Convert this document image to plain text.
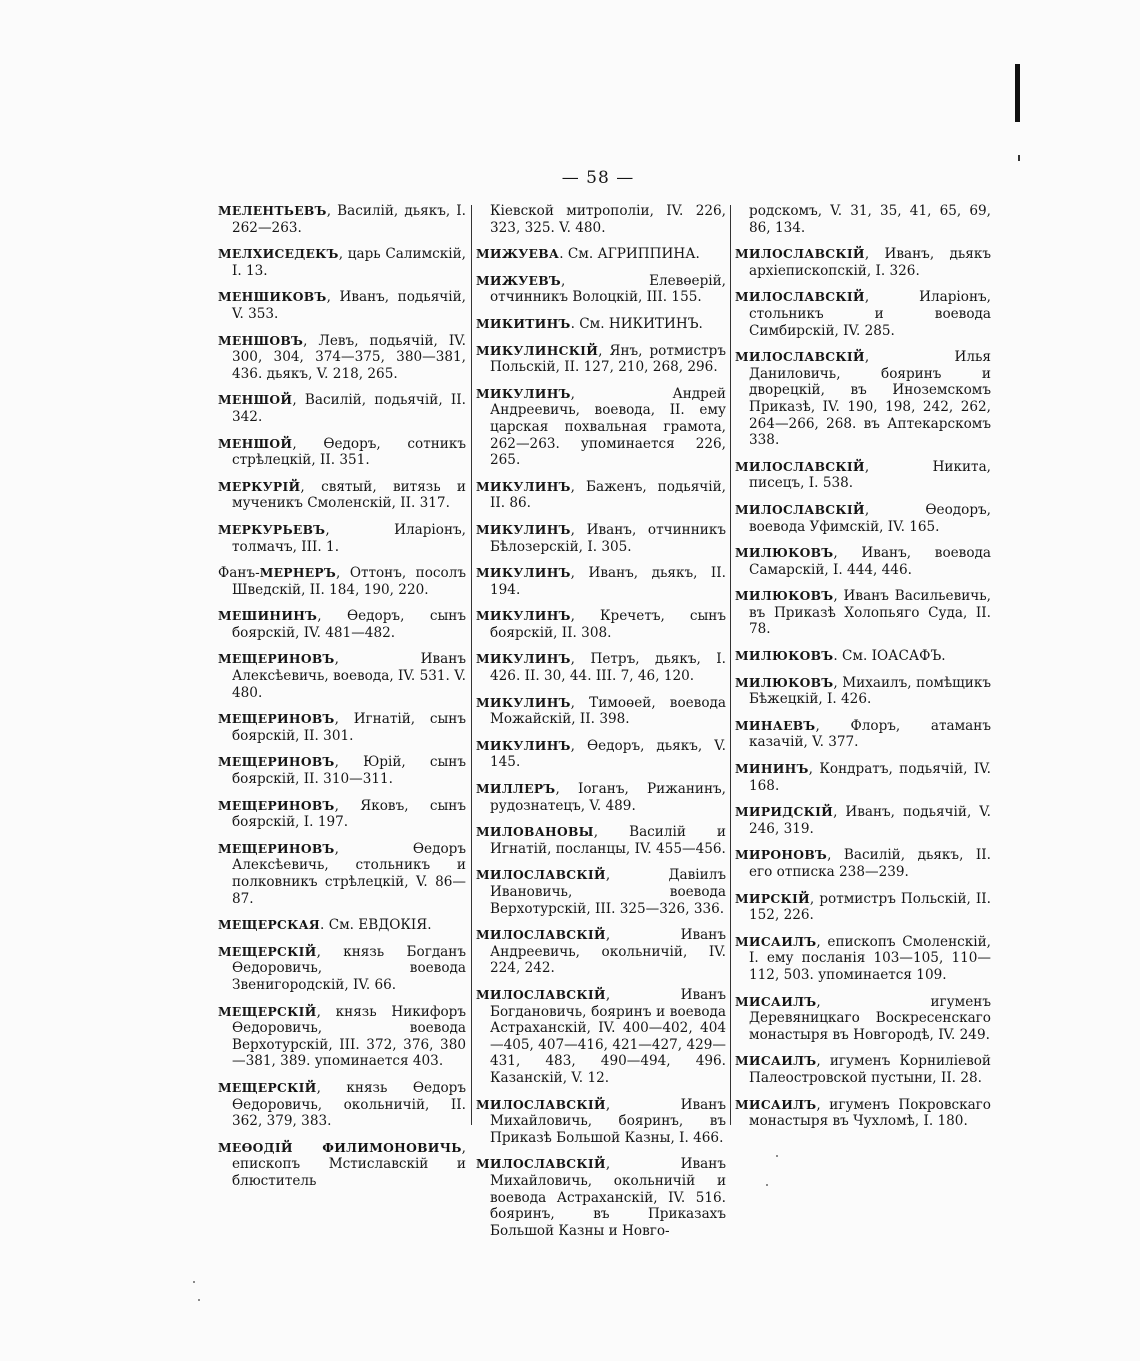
— 58 —

МЕЛЕНТЬЕВЪ, Василій, дьякъ, І. 262—263.

МЕЛХИСЕДЕКЪ, царь Салимскій, I. 13.

МЕНШИКОВЪ, Иванъ, подьячій, V. 353.

МЕНШОВЪ, Левъ, подьячій, IV. 300, 304, 374—375, 380—381, 436. дьякъ, V. 218, 265.

МЕНШОЙ, Василій, подьячій, II. 342.

МЕНШОЙ, Өедоръ, сотникъ стрѣлецкій, II. 351.

МЕРКУРІЙ, святый, витязь и мученикъ Смоленскій, II. 317.

МЕРКУРЬЕВЪ, Иларіонъ, толмачъ, III. 1.

Фанъ-МЕРНЕРЪ, Оттонъ, посолъ Шведскій, II. 184, 190, 220.

МЕШИНИНЪ, Өедоръ, сынъ боярскій, IV. 481—482.

МЕЩЕРИНОВЪ, Иванъ Алексѣевичь, воевода, IV. 531. V. 480.

МЕЩЕРИНОВЪ, Игнатій, сынъ боярскій, II. 301.

МЕЩЕРИНОВЪ, Юрій, сынъ боярскій, II. 310—311.

МЕЩЕРИНОВЪ, Яковъ, сынъ боярскій, I. 197.

МЕЩЕРИНОВЪ, Өедоръ Алексѣевичь, стольникъ и полковникъ стрѣлецкій, V. 86—87.

МЕЩЕРСКАЯ. См. ЕВДОКІЯ.

МЕЩЕРСКІЙ, князь Богданъ Өедоровичь, воевода Звенигородскій, IV. 66.

МЕЩЕРСКІЙ, князь Никифоръ Өедоровичь, воевода Верхотурскій, III. 372, 376, 380—381, 389. упоминается 403.

МЕЩЕРСКІЙ, князь Өедоръ Өедоровичь, окольничій, II. 362, 379, 383.

МЕӨОДІЙ ФИЛИМОНОВИЧЬ, епископъ Мстиславскій и блюститель

Кіевской митрополіи, IV. 226, 323, 325. V. 480.

МИЖУЕВА. См. АГРИППИНА.

МИЖУЕВЪ, Елевөерій, отчинникъ Волоцкій, III. 155.

МИКИТИНЪ. См. НИКИТИНЪ.

МИКУЛИНСКІЙ, Янъ, ротмистръ Польскій, II. 127, 210, 268, 296.

МИКУЛИНЪ, Андрей Андреевичь, воевода, II. ему царская похвальная грамота, 262—263. упоминается 226, 265.

МИКУЛИНЪ, Баженъ, подьячій, II. 86.

МИКУЛИНЪ, Иванъ, отчинникъ Бѣлозерскій, I. 305.

МИКУЛИНЪ, Иванъ, дьякъ, II. 194.

МИКУЛИНЪ, Кречетъ, сынъ боярскій, II. 308.

МИКУЛИНЪ, Петръ, дьякъ, I. 426. II. 30, 44. III. 7, 46, 120.

МИКУЛИНЪ, Тимоөей, воевода Можайскій, II. 398.

МИКУЛИНЪ, Өедоръ, дьякъ, V. 145.

МИЛЛЕРЪ, Іоганъ, Рижанинъ, рудознатецъ, V. 489.

МИЛОВАНОВЫ, Василій и Игнатій, посланцы, IV. 455—456.

МИЛОСЛАВСКІЙ, Давіилъ Ивановичь, воевода Верхотурскій, III. 325—326, 336.

МИЛОСЛАВСКІЙ, Иванъ Андреевичь, окольничій, IV. 224, 242.

МИЛОСЛАВСКІЙ, Иванъ Богдановичь, бояринъ и воевода Астраханскій, IV. 400—402, 404—405, 407—416, 421—427, 429—431, 483, 490—494, 496. Казанскій, V. 12.

МИЛОСЛАВСКІЙ, Иванъ Михайловичь, бояринъ, въ Приказѣ Большой Казны, I. 466.

МИЛОСЛАВСКІЙ, Иванъ Михайловичь, окольничій и воевода Астраханскій, IV. 516. бояринъ, въ Приказахъ Большой Казны и Новго-

родскомъ, V. 31, 35, 41, 65, 69, 86, 134.

МИЛОСЛАВСКІЙ, Иванъ, дьякъ архіепископскій, I. 326.

МИЛОСЛАВСКІЙ, Иларіонъ, стольникъ и воевода Симбирскій, IV. 285.

МИЛОСЛАВСКІЙ, Илья Даниловичь, бояринъ и дворецкій, въ Иноземскомъ Приказѣ, IV. 190, 198, 242, 262, 264—266, 268. въ Аптекарскомъ 338.

МИЛОСЛАВСКІЙ, Никита, писецъ, I. 538.

МИЛОСЛАВСКІЙ, Өеодоръ, воевода Уфимскій, IV. 165.

МИЛЮКОВЪ, Иванъ, воевода Самарскій, I. 444, 446.

МИЛЮКОВЪ, Иванъ Васильевичь, въ Приказѣ Холопьяго Суда, II. 78.

МИЛЮКОВЪ. См. ІОАСАФЪ.

МИЛЮКОВЪ, Михаилъ, помѣщикъ Бѣжецкій, I. 426.

МИНАЕВЪ, Флоръ, атаманъ казачій, V. 377.

МИНИНЪ, Кондратъ, подьячій, IV. 168.

МИРИДСКІЙ, Иванъ, подьячій, V. 246, 319.

МИРОНОВЪ, Василій, дьякъ, II. его отписка 238—239.

МИРСКІЙ, ротмистръ Польскій, II. 152, 226.

МИСАИЛЪ, епископъ Смоленскій, I. ему посланія 103—105, 110—112, 503. упоминается 109.

МИСАИЛЪ, игуменъ Деревяницкаго Воскресенскаго монастыря въ Новгородѣ, IV. 249.

МИСАИЛЪ, игуменъ Корниліевой Палеостровской пустыни, II. 28.

МИСАИЛЪ, игуменъ Покровскаго монастыря въ Чухломѣ, I. 180.
